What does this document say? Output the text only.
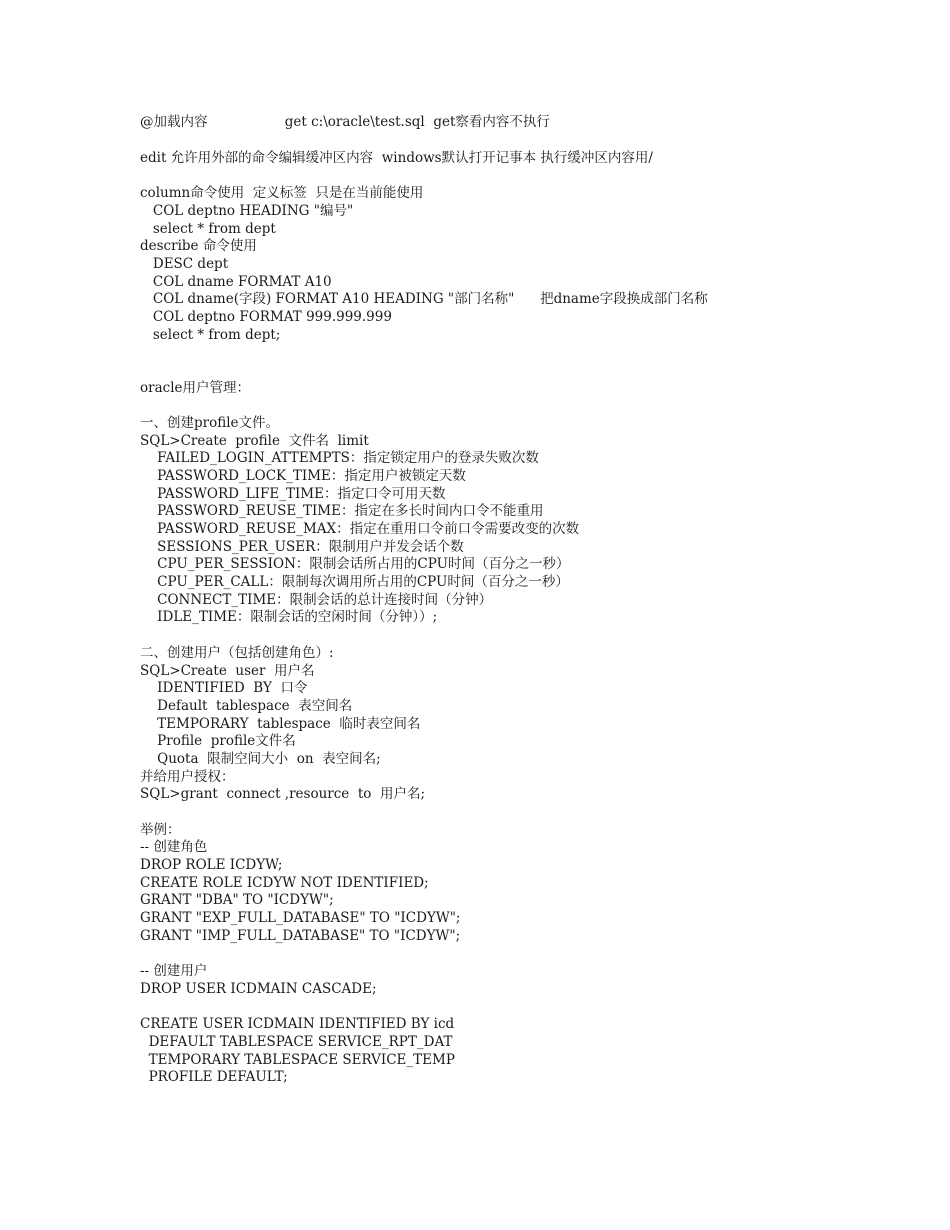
@加载内容                  get c:\oracle\test.sql  get察看内容不执行
edit 允许用外部的命令编辑缓冲区内容  windows默认打开记事本 执行缓冲区内容用/
column命令使用  定义标签  只是在当前能使用
COL deptno HEADING "编号"
select * from dept
describe 命令使用
DESC dept
COL dname FORMAT A10
COL dname(字段) FORMAT A10 HEADING "部门名称"      把dname字段换成部门名称
COL deptno FORMAT 999.999.999
select * from dept;
oracle用户管理：
一、创建profile文件。
SQL>Create  profile  文件名  limit
FAILED_LOGIN_ATTEMPTS：指定锁定用户的登录失败次数
PASSWORD_LOCK_TIME：指定用户被锁定天数
PASSWORD_LIFE_TIME：指定口令可用天数
PASSWORD_REUSE_TIME：指定在多长时间内口令不能重用
PASSWORD_REUSE_MAX：指定在重用口令前口令需要改变的次数
SESSIONS_PER_USER：限制用户并发会话个数
CPU_PER_SESSION：限制会话所占用的CPU时间（百分之一秒）
CPU_PER_CALL：限制每次调用所占用的CPU时间（百分之一秒）
CONNECT_TIME：限制会话的总计连接时间（分钟）
IDLE_TIME：限制会话的空闲时间（分钟））;
二、创建用户（包括创建角色）:
SQL>Create  user  用户名
IDENTIFIED  BY  口令
Default  tablespace  表空间名
TEMPORARY  tablespace  临时表空间名
Profile  profile文件名
Quota  限制空间大小  on  表空间名;
并给用户授权：
SQL>grant  connect ,resource  to  用户名;
举例：
-- 创建角色
DROP ROLE ICDYW;
CREATE ROLE ICDYW NOT IDENTIFIED;
GRANT "DBA" TO "ICDYW";
GRANT "EXP_FULL_DATABASE" TO "ICDYW";
GRANT "IMP_FULL_DATABASE" TO "ICDYW";
-- 创建用户
DROP USER ICDMAIN CASCADE;
CREATE USER ICDMAIN IDENTIFIED BY icd
DEFAULT TABLESPACE SERVICE_RPT_DAT
TEMPORARY TABLESPACE SERVICE_TEMP
PROFILE DEFAULT;
